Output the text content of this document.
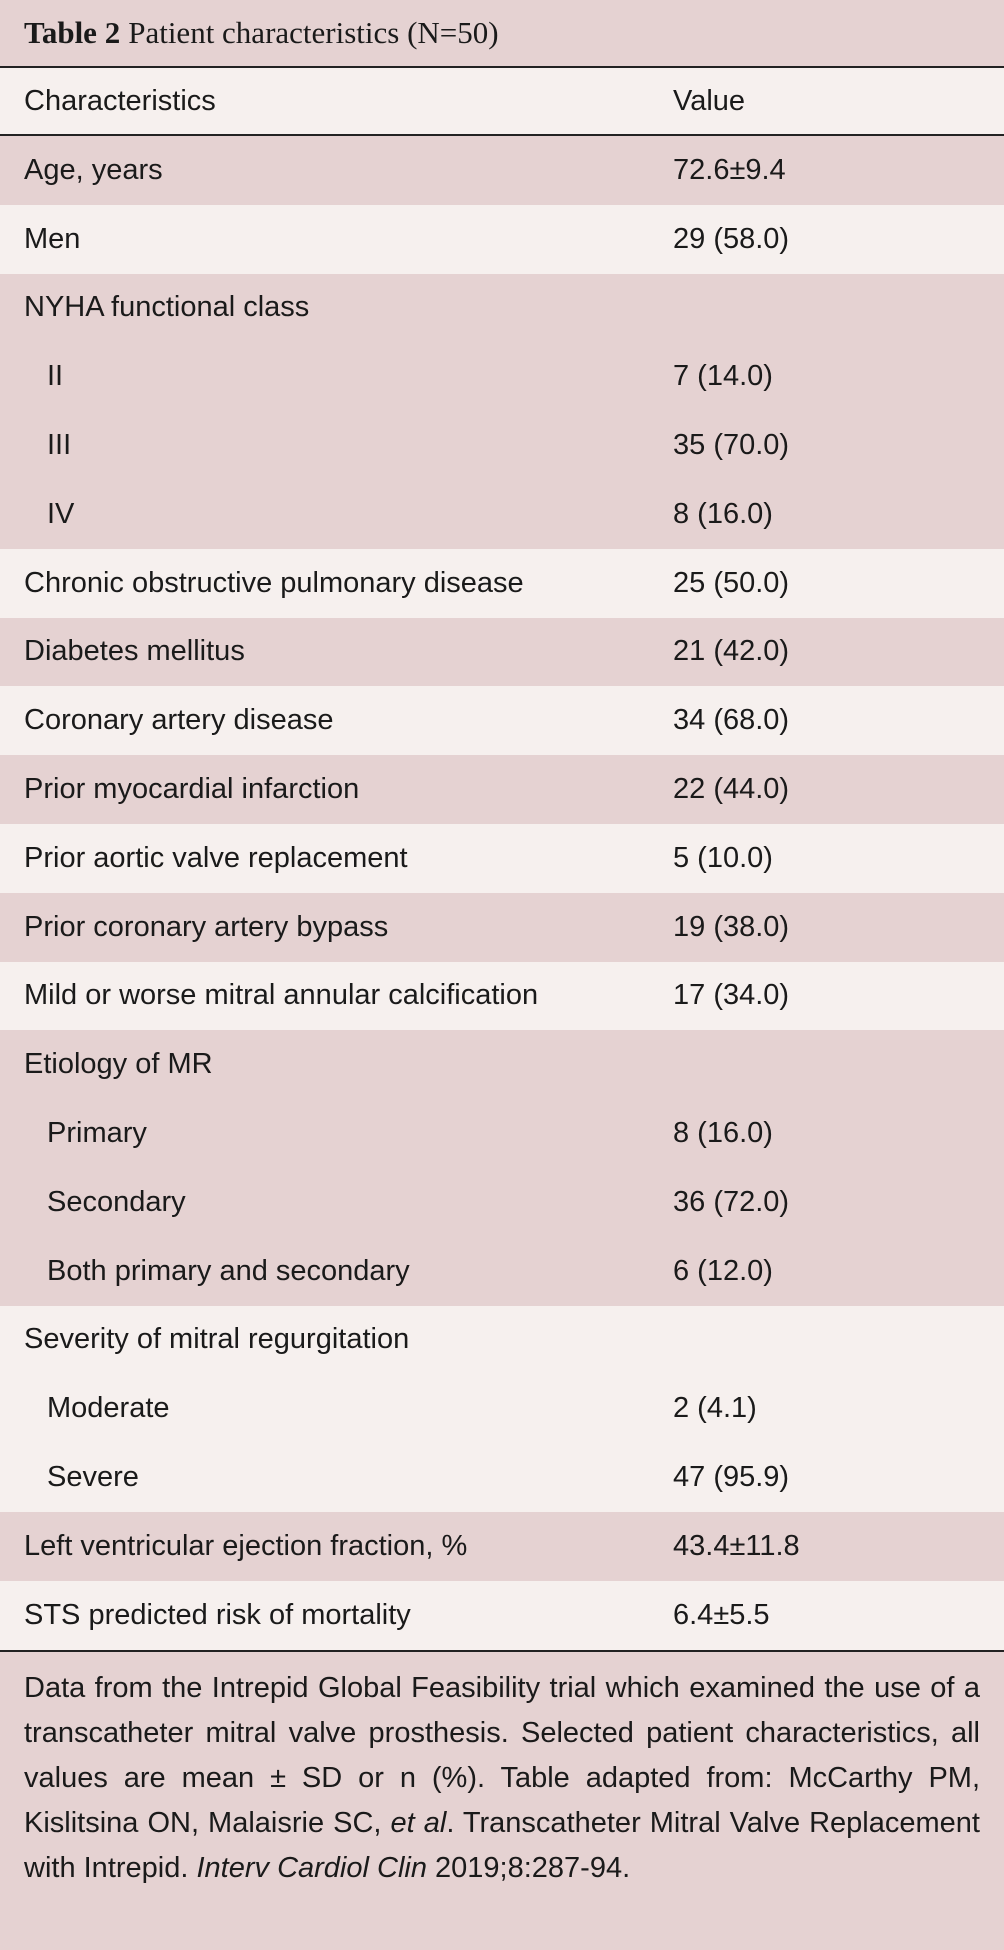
Table 2 Patient characteristics (N=50)
Characteristics	Value
Age, years	72.6±9.4
Men	29 (58.0)
NYHA functional class
II	7 (14.0)
III	35 (70.0)
IV	8 (16.0)
Chronic obstructive pulmonary disease	25 (50.0)
Diabetes mellitus	21 (42.0)
Coronary artery disease	34 (68.0)
Prior myocardial infarction	22 (44.0)
Prior aortic valve replacement	5 (10.0)
Prior coronary artery bypass	19 (38.0)
Mild or worse mitral annular calcification	17 (34.0)
Etiology of MR
Primary	8 (16.0)
Secondary	36 (72.0)
Both primary and secondary	6 (12.0)
Severity of mitral regurgitation
Moderate	2 (4.1)
Severe	47 (95.9)
Left ventricular ejection fraction, %	43.4±11.8
STS predicted risk of mortality	6.4±5.5
Data from the Intrepid Global Feasibility trial which examined the use of a transcatheter mitral valve prosthesis. Selected patient characteristics, all values are mean ± SD or n (%). Table adapted from: McCarthy PM, Kislitsina ON, Malaisrie SC, et al. Transcatheter Mitral Valve Replacement with Intrepid. Interv Cardiol Clin 2019;8:287-94.
